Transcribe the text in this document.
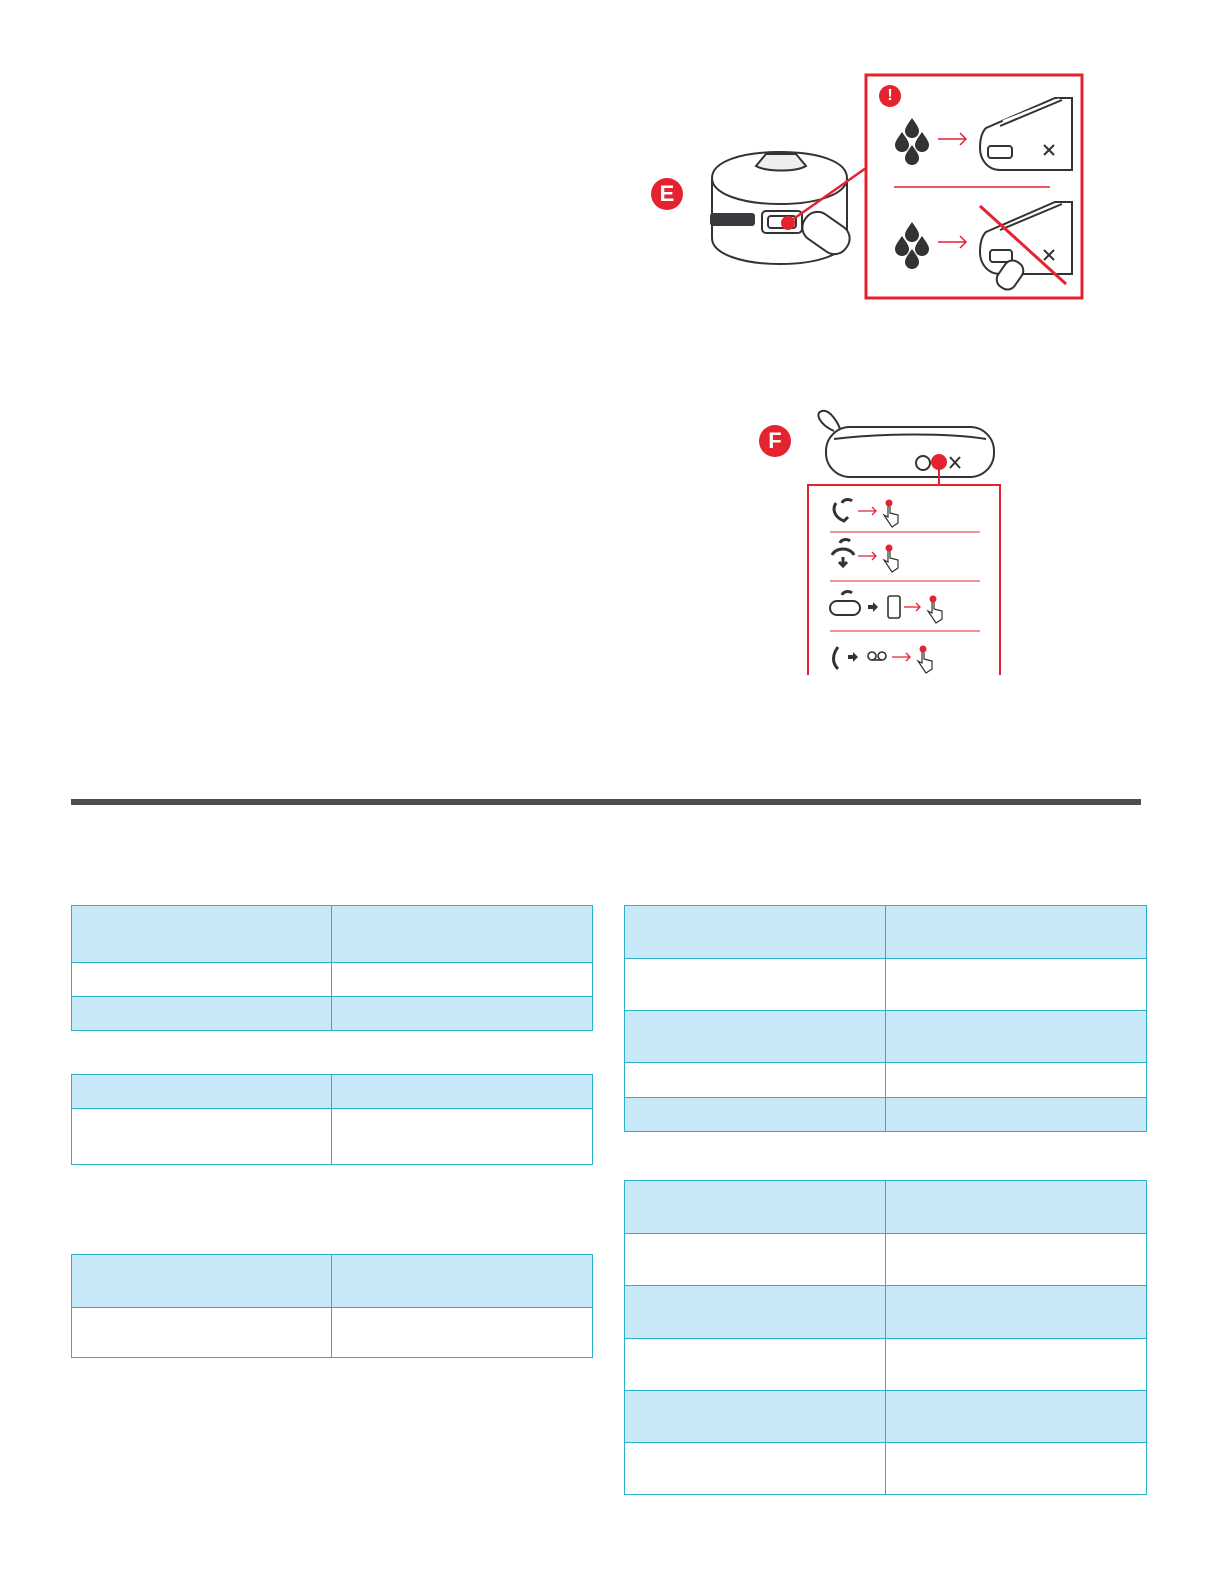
E
!
F
